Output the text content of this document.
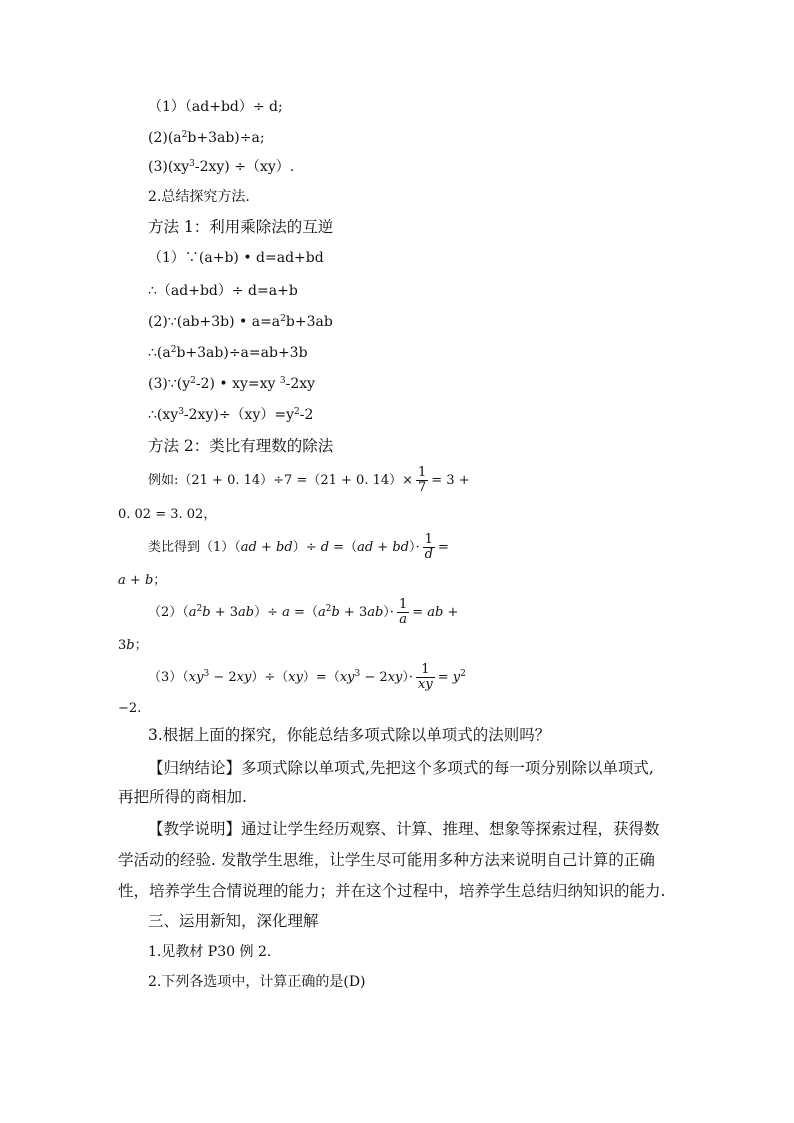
（1）（ad+bd）÷ d;
$(2)(a^2b+3ab)\div a$;
$(3)(xy^3-2xy) \div(xy)$.
2.总结探究方法.
方法 1：利用乘除法的互逆
（1）∵(a+b) • d=ad+bd
∴（ad+bd）÷ d=a+b
(2)∵(ab+3b) • $a=a^2b+3ab$
$\therefore(a^2b+3ab)\div a=ab+3b$
$(3)\because(y^2-2)$ • xy=xy $^3$-2xy
$\therefore(xy^3-2xy)\div(xy)=y^2-2$
方法 2：类比有理数的除法
例如:（21 + 0. 14）÷7 =（21 + 0. $14)\times \frac{1}{7} = 3$ +
0. 02 = 3. 02，
类比得到$(1)(ad + bd)\div d =(ad + bd)\cdot \frac{1}{d}$ =
a + b；
$(2)(a^2b + 3ab)\div a =(a^2b + 3ab)\cdot \frac{1}{a}$ = ab +
3b；
$(3)(xy^3 - 2xy)\div(xy)=(xy^3 - 2xy)\cdot \frac{1}{xy} = y^2$
−2.
3.根据上面的探究，你能总结多项式除以单项式的法则吗？
【归纳结论】多项式除以单项式,先把这个多项式的每一项分别除以单项式,
再把所得的商相加.
【教学说明】通过让学生经历观察、计算、推理、想象等探索过程，获得数
学活动的经验. 发散学生思维，让学生尽可能用多种方法来说明自己计算的正确
性，培养学生合情说理的能力；并在这个过程中，培养学生总结归纳知识的能力.
三、运用新知，深化理解
1.见教材 P30 例 2.
2.下列各选项中，计算正确的是(D)
